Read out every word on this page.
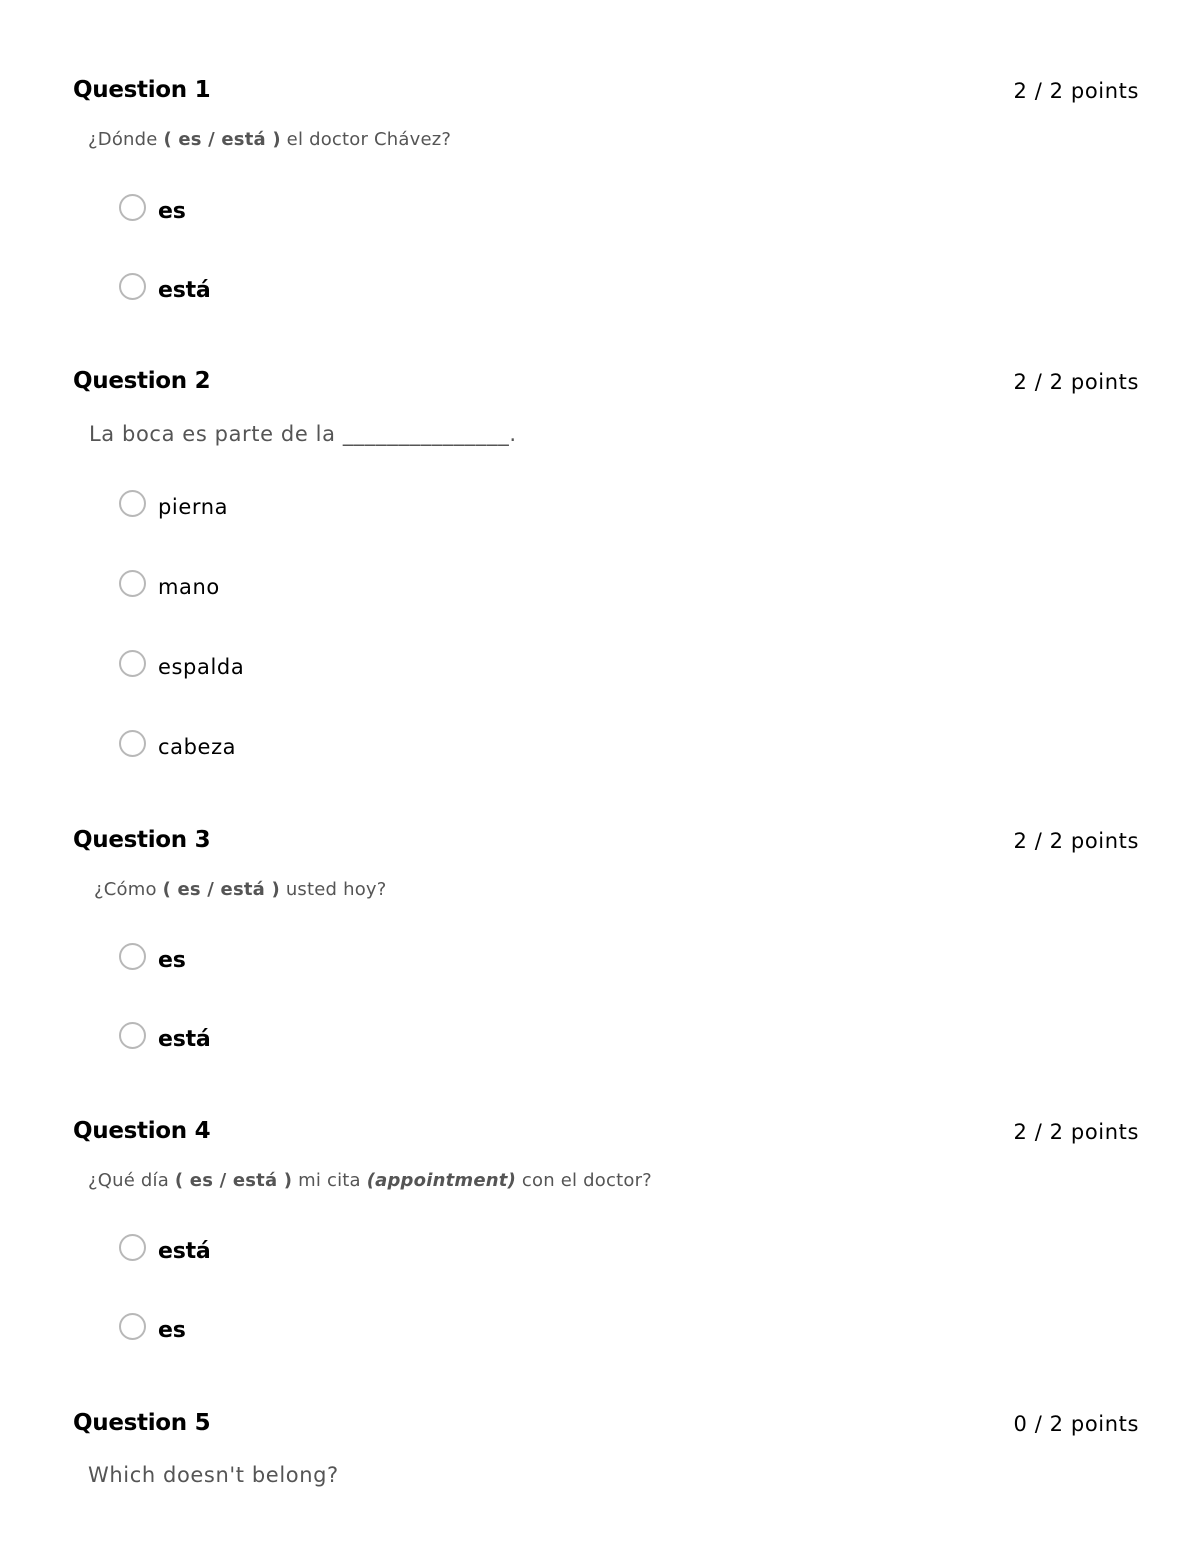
Question 1	2 / 2 points
¿Dónde ( es / está ) el doctor Chávez?
es
está
Question 2	2 / 2 points
La boca es parte de la _______________.
pierna
mano
espalda
cabeza
Question 3	2 / 2 points
¿Cómo ( es / está ) usted hoy?
es
está
Question 4	2 / 2 points
¿Qué día ( es / está ) mi cita (appointment) con el doctor?
está
es
Question 5	0 / 2 points
Which doesn't belong?
